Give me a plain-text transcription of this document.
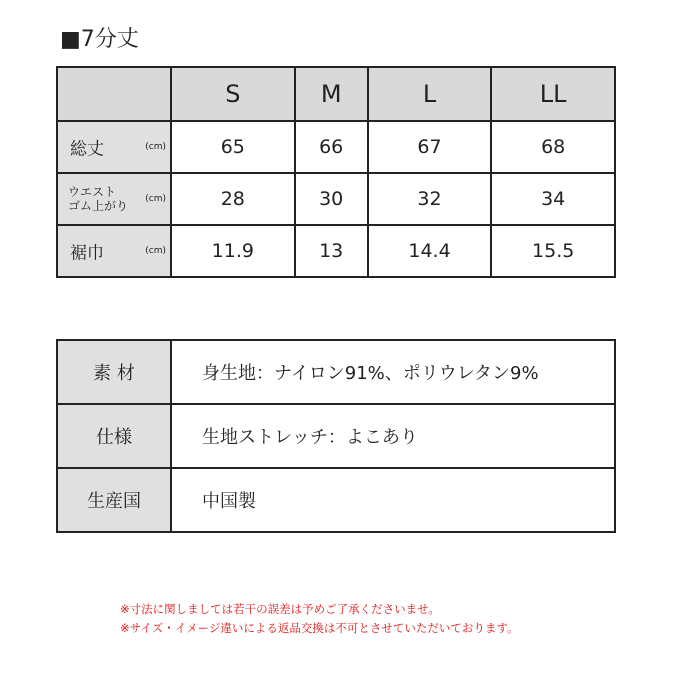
■7分丈
	S	M	L	LL

総丈 (cm)	65	66	67	68

ウエスト
ゴム上がり (cm)	28	30	32	34

裾巾 (cm)	11.9	13	14.4	15.5
素 材	身生地：ナイロン91%、ポリウレタン9%
仕様	生地ストレッチ：よこあり
生産国	中国製
※寸法に関しましては若干の誤差は予めご了承くださいませ。
※サイズ・イメージ違いによる返品交換は不可とさせていただいております。
